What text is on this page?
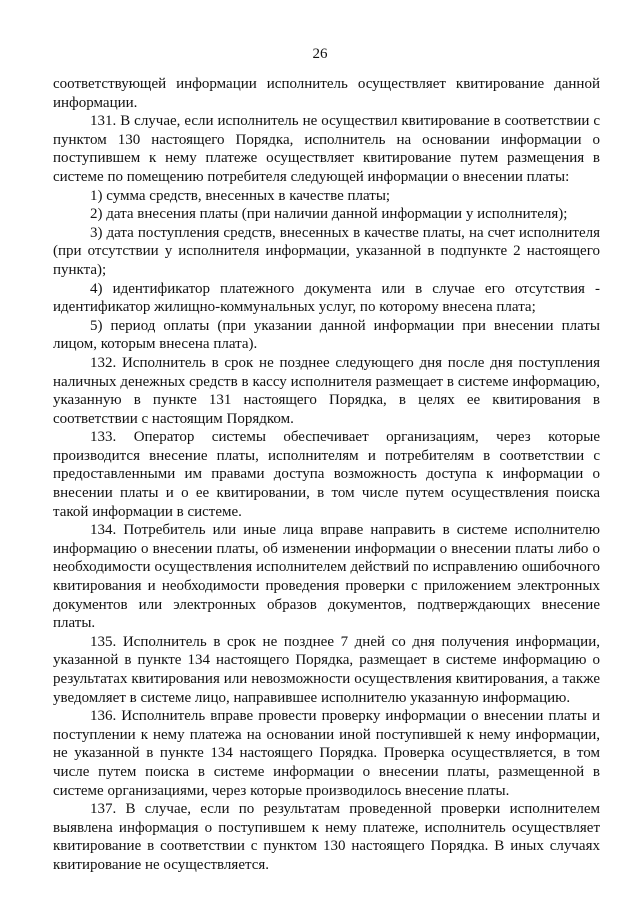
26

соответствующей информации исполнитель осуществляет квитирование данной информации.

131. В случае, если исполнитель не осуществил квитирование в соответствии с пунктом 130 настоящего Порядка, исполнитель на основании информации о поступившем к нему платеже осуществляет квитирование путем размещения в системе по помещению потребителя следующей информации о внесении платы:

1) сумма средств, внесенных в качестве платы;

2) дата внесения платы (при наличии данной информации у исполнителя);

3) дата поступления средств, внесенных в качестве платы, на счет исполнителя (при отсутствии у исполнителя информации, указанной в подпункте 2 настоящего пункта);

4) идентификатор платежного документа или в случае его отсутствия - идентификатор жилищно-коммунальных услуг, по которому внесена плата;

5) период оплаты (при указании данной информации при внесении платы лицом, которым внесена плата).

132. Исполнитель в срок не позднее следующего дня после дня поступления наличных денежных средств в кассу исполнителя размещает в системе информацию, указанную в пункте 131 настоящего Порядка, в целях ее квитирования в соответствии с настоящим Порядком.

133. Оператор системы обеспечивает организациям, через которые производится внесение платы, исполнителям и потребителям в соответствии с предоставленными им правами доступа возможность доступа к информации о внесении платы и о ее квитировании, в том числе путем осуществления поиска такой информации в системе.

134. Потребитель или иные лица вправе направить в системе исполнителю информацию о внесении платы, об изменении информации о внесении платы либо о необходимости осуществления исполнителем действий по исправлению ошибочного квитирования и необходимости проведения проверки с приложением электронных документов или электронных образов документов, подтверждающих внесение платы.

135. Исполнитель в срок не позднее 7 дней со дня получения информации, указанной в пункте 134 настоящего Порядка, размещает в системе информацию о результатах квитирования или невозможности осуществления квитирования, а также уведомляет в системе лицо, направившее исполнителю указанную информацию.

136. Исполнитель вправе провести проверку информации о внесении платы и поступлении к нему платежа на основании иной поступившей к нему информации, не указанной в пункте 134 настоящего Порядка. Проверка осуществляется, в том числе путем поиска в системе информации о внесении платы, размещенной в системе организациями, через которые производилось внесение платы.

137. В случае, если по результатам проведенной проверки исполнителем выявлена информация о поступившем к нему платеже, исполнитель осуществляет квитирование в соответствии с пунктом 130 настоящего Порядка. В иных случаях квитирование не осуществляется.
